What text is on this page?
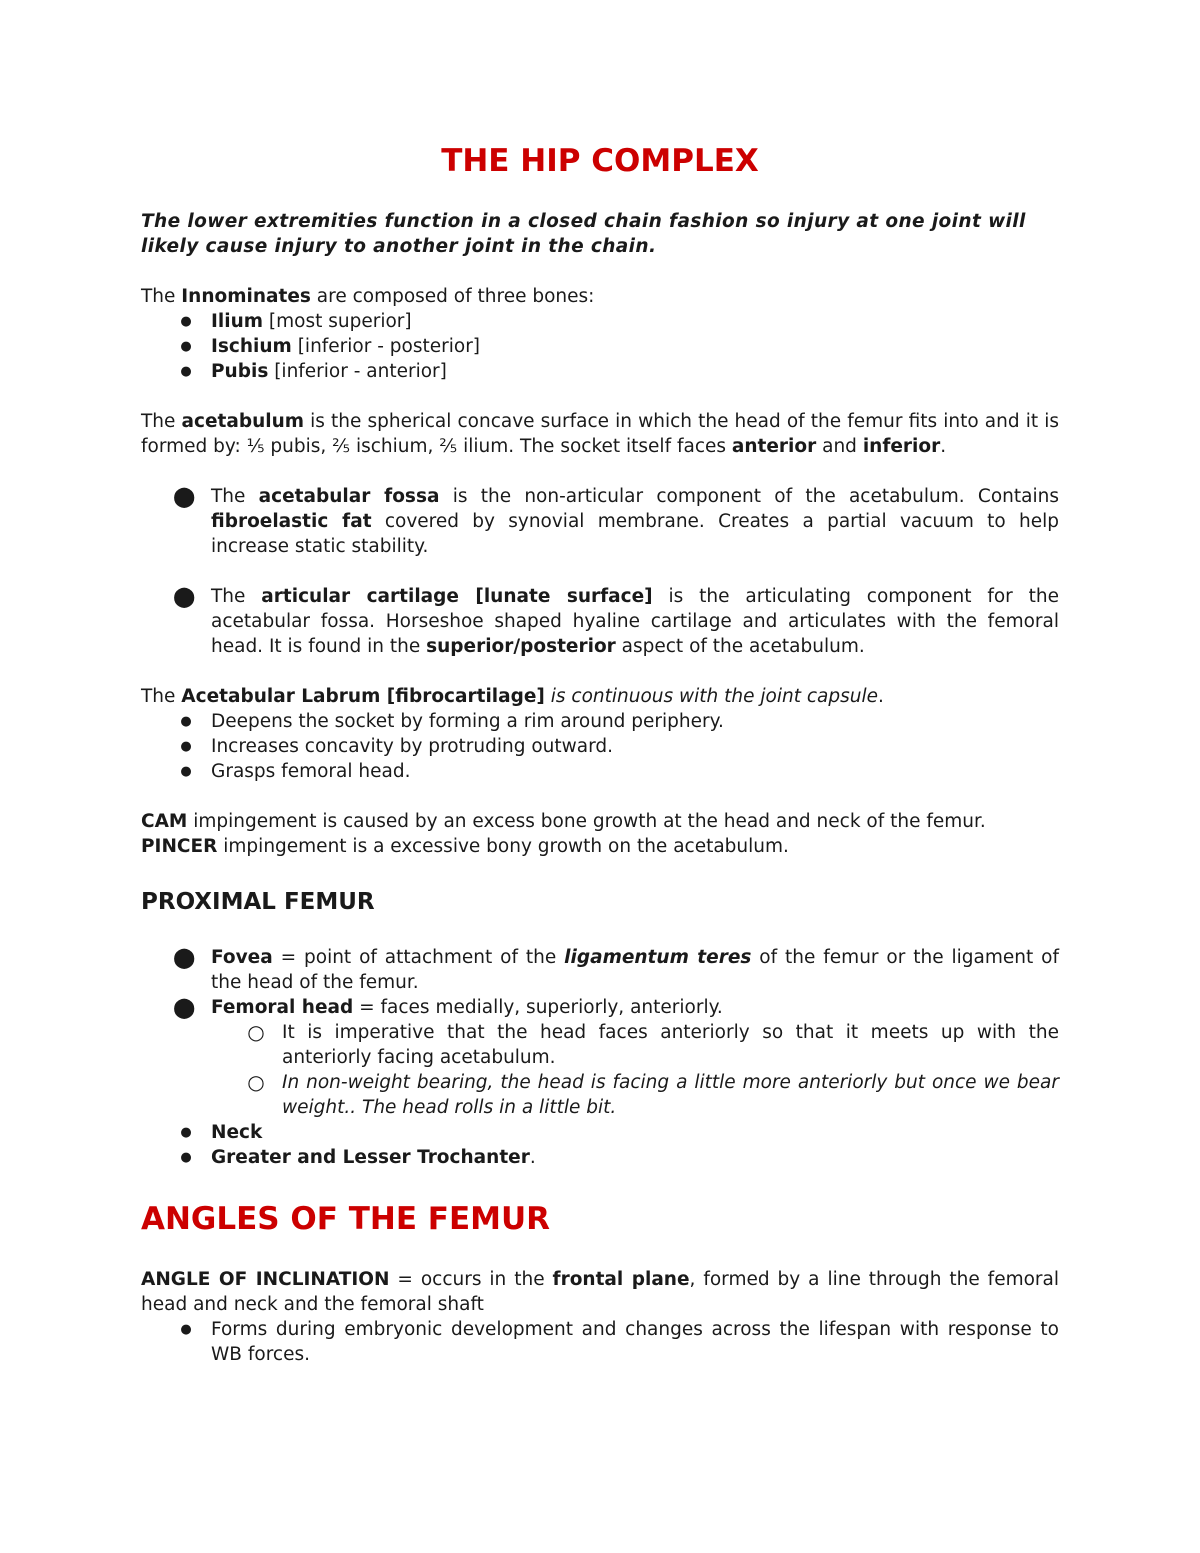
THE HIP COMPLEX

The lower extremities function in a closed chain fashion so injury at one joint will likely cause injury to another joint in the chain.

The Innominates are composed of three bones:

● Ilium [most superior]
● Ischium [inferior - posterior]
● Pubis [inferior - anterior]

The acetabulum is the spherical concave surface in which the head of the femur fits into and it is formed by: ⅕ pubis, ⅖ ischium, ⅖ ilium. The socket itself faces anterior and inferior.

⬤ The acetabular fossa is the non-articular component of the acetabulum. Contains fibroelastic fat covered by synovial membrane. Creates a partial vacuum to help increase static stability.
⬤ The articular cartilage [lunate surface] is the articulating component for the acetabular fossa. Horseshoe shaped hyaline cartilage and articulates with the femoral head. It is found in the superior/posterior aspect of the acetabulum.

The Acetabular Labrum [fibrocartilage] is continuous with the joint capsule.

● Deepens the socket by forming a rim around periphery.
● Increases concavity by protruding outward.
● Grasps femoral head.

CAM impingement is caused by an excess bone growth at the head and neck of the femur.

PINCER impingement is a excessive bony growth on the acetabulum.

PROXIMAL FEMUR
⬤ Fovea = point of attachment of the ligamentum teres of the femur or the ligament of the head of the femur.
⬤ Femoral head = faces medially, superiorly, anteriorly.
○ It is imperative that the head faces anteriorly so that it meets up with the anteriorly facing acetabulum.
○ In non-weight bearing, the head is facing a little more anteriorly but once we bear weight.. The head rolls in a little bit.
● Neck
● Greater and Lesser Trochanter.
ANGLES OF THE FEMUR

ANGLE OF INCLINATION = occurs in the frontal plane, formed by a line through the femoral head and neck and the femoral shaft

● Forms during embryonic development and changes across the lifespan with response to WB forces.
